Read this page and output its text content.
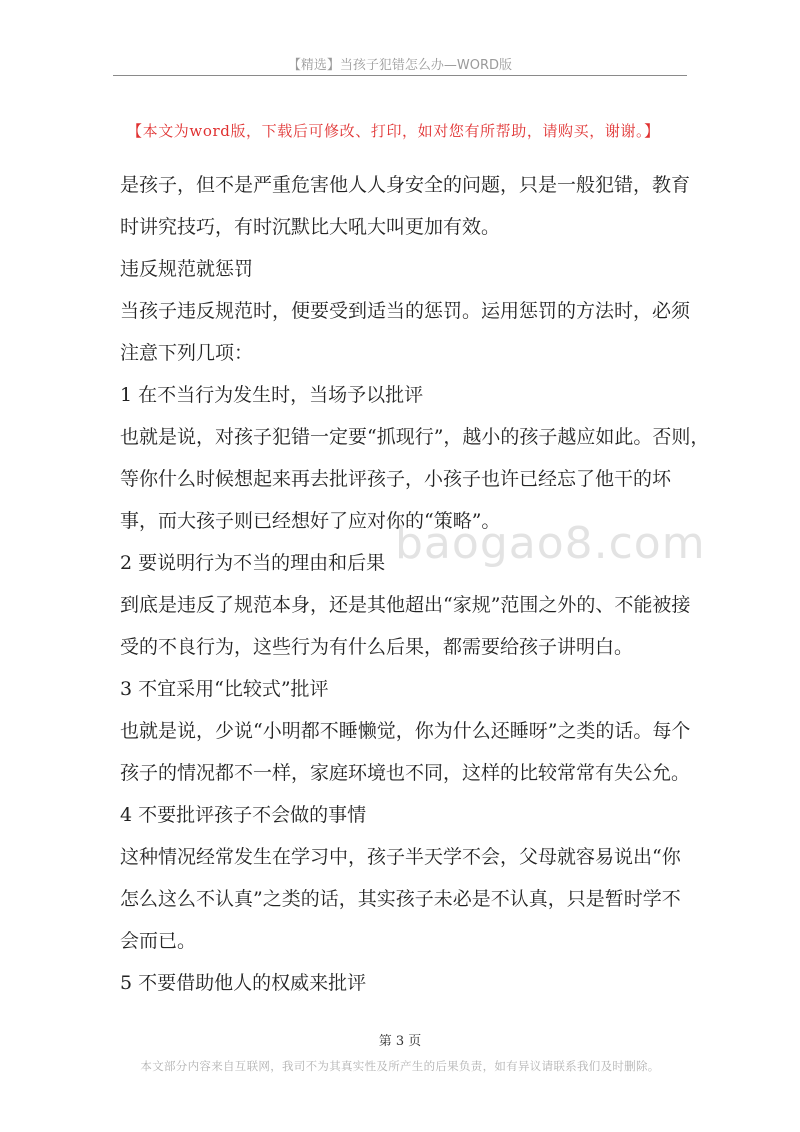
【精选】当孩子犯错怎么办—WORD版
【本文为word版，下载后可修改、打印，如对您有所帮助，请购买，谢谢。】
baogao8.com
是孩子，但不是严重危害他人人身安全的问题，只是一般犯错，教育
时讲究技巧，有时沉默比大吼大叫更加有效。
违反规范就惩罚
当孩子违反规范时，便要受到适当的惩罚。运用惩罚的方法时，必须
注意下列几项：
1 在不当行为发生时，当场予以批评
也就是说，对孩子犯错一定要“抓现行”，越小的孩子越应如此。否则，
等你什么时候想起来再去批评孩子，小孩子也许已经忘了他干的坏
事，而大孩子则已经想好了应对你的“策略”。
2 要说明行为不当的理由和后果
到底是违反了规范本身，还是其他超出“家规”范围之外的、不能被接
受的不良行为，这些行为有什么后果，都需要给孩子讲明白。
3 不宜采用“比较式”批评
也就是说，少说“小明都不睡懒觉，你为什么还睡呀”之类的话。每个
孩子的情况都不一样，家庭环境也不同，这样的比较常常有失公允。
4 不要批评孩子不会做的事情
这种情况经常发生在学习中，孩子半天学不会，父母就容易说出“你
怎么这么不认真”之类的话，其实孩子未必是不认真，只是暂时学不
会而已。
5 不要借助他人的权威来批评
第 3 页
本文部分内容来自互联网，我司不为其真实性及所产生的后果负责，如有异议请联系我们及时删除。
